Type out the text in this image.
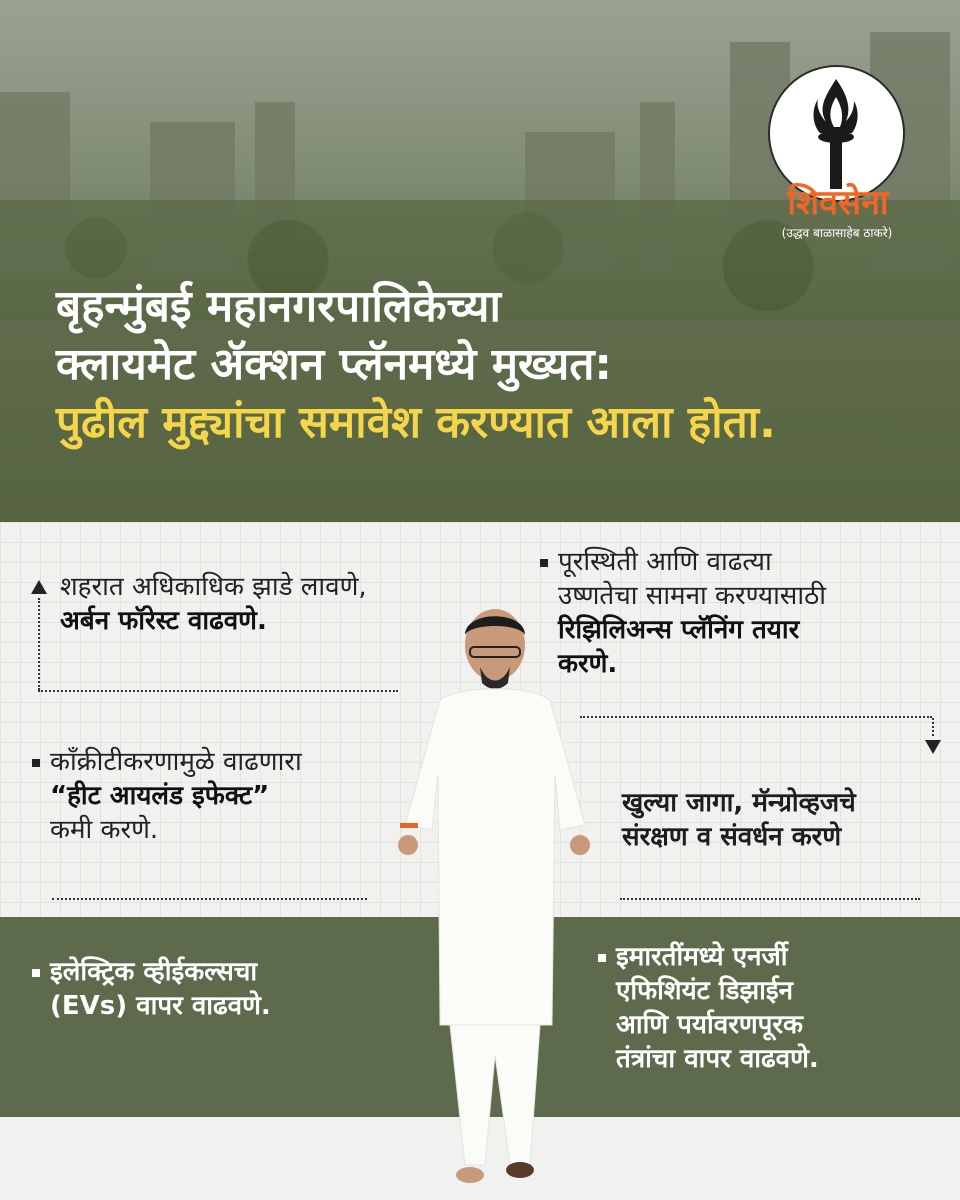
शिवसेना
(उद्धव बाळासाहेब ठाकरे)
बृहन्मुंबई महानगरपालिकेच्या
क्लायमेट ॲक्शन प्लॅनमध्ये मुख्यत:
पुढील मुद्द्यांचा समावेश करण्यात आला होता.
शहरात अधिकाधिक झाडे लावणे,
अर्बन फॉरेस्ट वाढवणे.
पूरस्थिती आणि वाढत्या
उष्णतेचा सामना करण्यासाठी
रिझिलिअन्स प्लॅनिंग तयार
करणे.
काँक्रीटीकरणामुळे वाढणारा
“हीट आयलंड इफेक्ट”
कमी करणे.
खुल्या जागा, मॅन्ग्रोव्हजचे
संरक्षण व संवर्धन करणे
इलेक्ट्रिक व्हीईकल्सचा
(EVs) वापर वाढवणे.
इमारतींमध्ये एनर्जी
एफिशियंट डिझाईन
आणि पर्यावरणपूरक
तंत्रांचा वापर वाढवणे.
